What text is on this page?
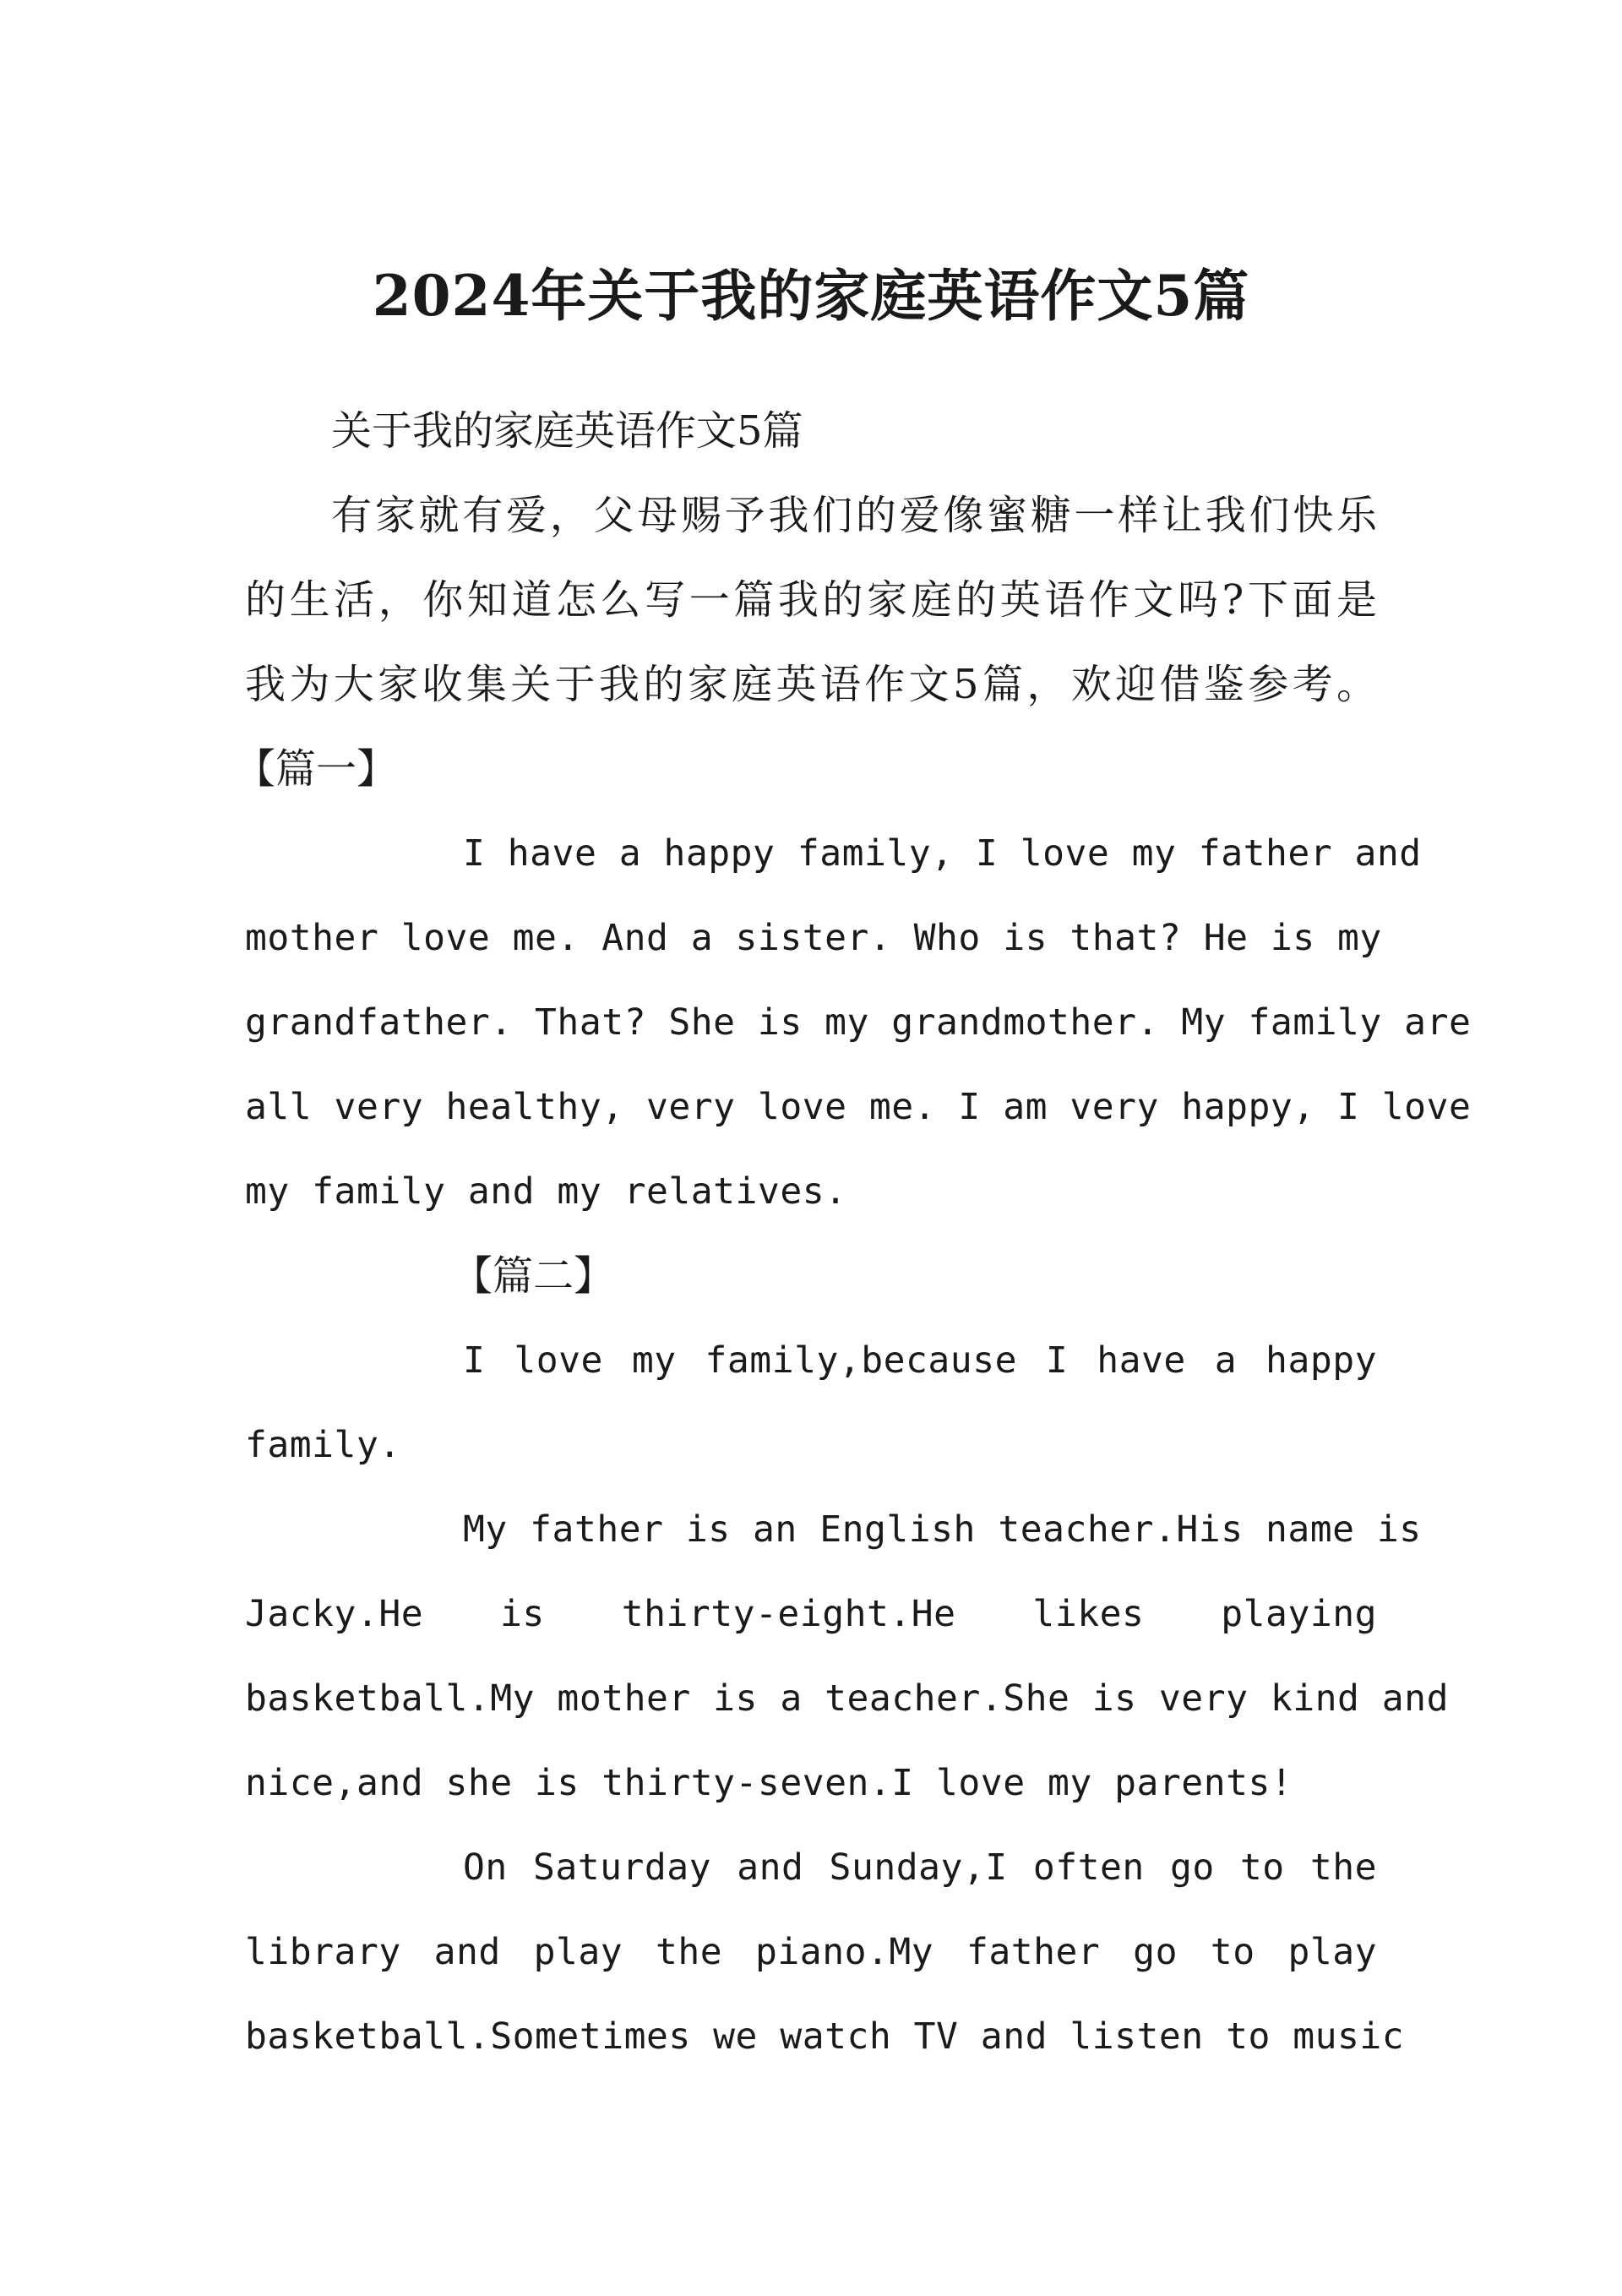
2024年关于我的家庭英语作文5篇

关于我的家庭英语作文5篇

有家就有爱，父母赐予我们的爱像蜜糖一样让我们快乐

的生活，你知道怎么写一篇我的家庭的英语作文吗?下面是

我为大家收集关于我的家庭英语作文5篇，欢迎借鉴参考。

【篇一】

I have a happy family, I love my father and

mother love me. And a sister. Who is that? He is my

grandfather. That? She is my grandmother. My family are

all very healthy, very love me. I am very happy, I love

my family and my relatives.

【篇二】

I love my family,because I have a happy

family.

My father is an English teacher.His name is

Jacky.He is thirty-eight.He likes playing

basketball.My mother is a teacher.She is very kind and

nice,and she is thirty-seven.I love my parents!

On Saturday and Sunday,I often go to the

library and play the piano.My father go to play

basketball.Sometimes we watch TV and listen to music
